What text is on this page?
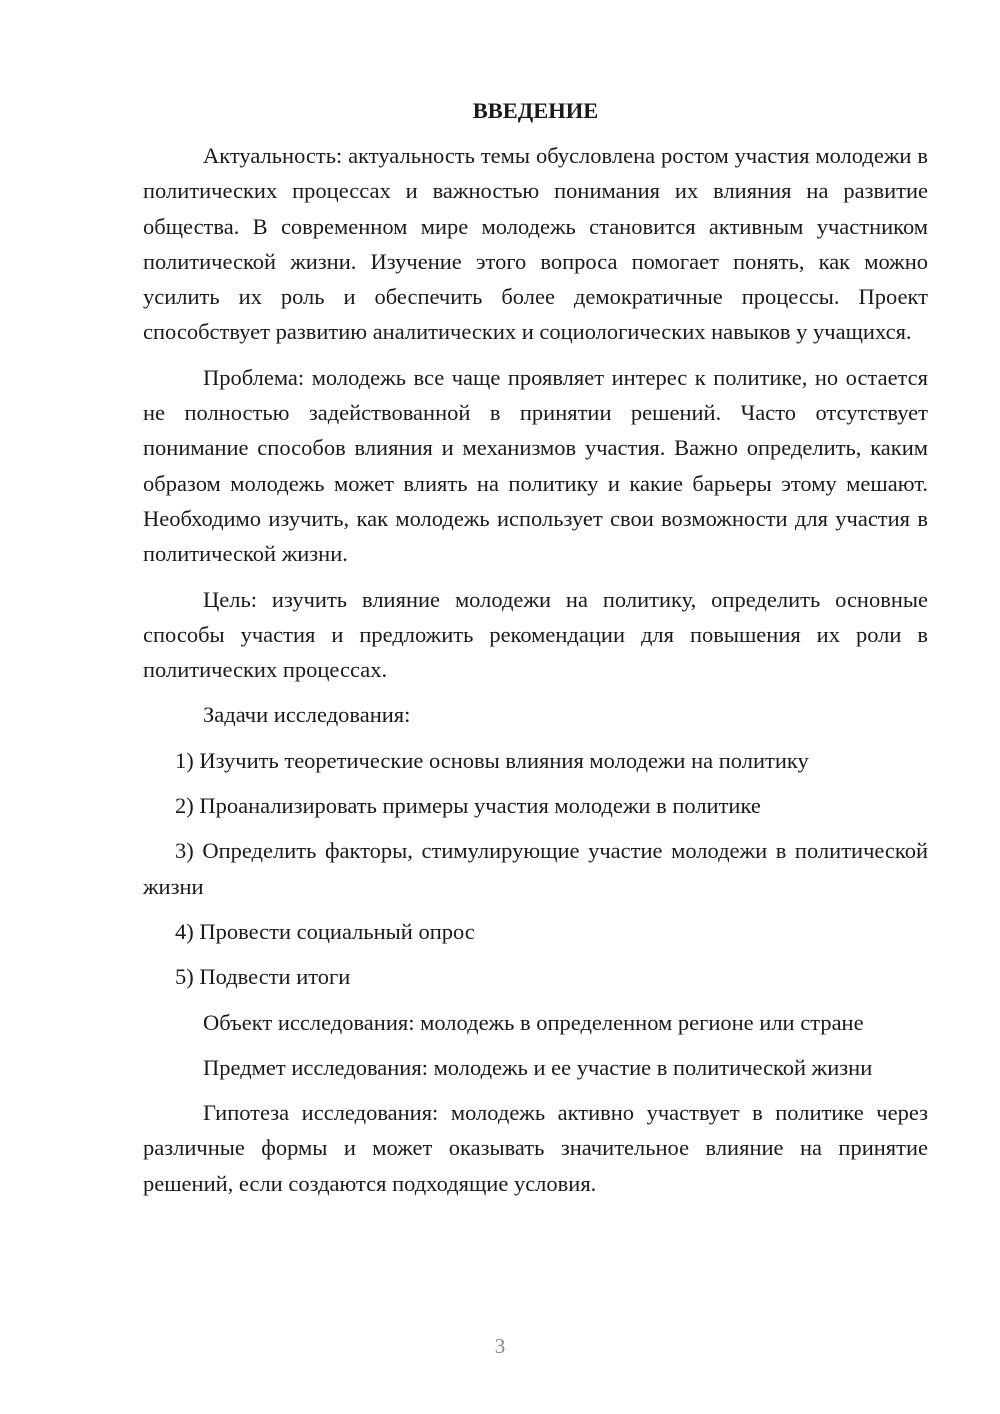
ВВЕДЕНИЕ

Актуальность: актуальность темы обусловлена ростом участия молодежи в политических процессах и важностью понимания их влияния на развитие общества. В современном мире молодежь становится активным участником политической жизни. Изучение этого вопроса помогает понять, как можно усилить их роль и обеспечить более демократичные процессы. Проект способствует развитию аналитических и социологических навыков у учащихся.

Проблема: молодежь все чаще проявляет интерес к политике, но остается не полностью задействованной в принятии решений. Часто отсутствует понимание способов влияния и механизмов участия. Важно определить, каким образом молодежь может влиять на политику и какие барьеры этому мешают. Необходимо изучить, как молодежь использует свои возможности для участия в политической жизни.

Цель: изучить влияние молодежи на политику, определить основные способы участия и предложить рекомендации для повышения их роли в политических процессах.

Задачи исследования:

1) Изучить теоретические основы влияния молодежи на политику

2) Проанализировать примеры участия молодежи в политике

3) Определить факторы, стимулирующие участие молодежи в политической жизни

4) Провести социальный опрос

5) Подвести итоги

Объект исследования: молодежь в определенном регионе или стране

Предмет исследования: молодежь и ее участие в политической жизни

Гипотеза исследования: молодежь активно участвует в политике через различные формы и может оказывать значительное влияние на принятие решений, если создаются подходящие условия.

3
